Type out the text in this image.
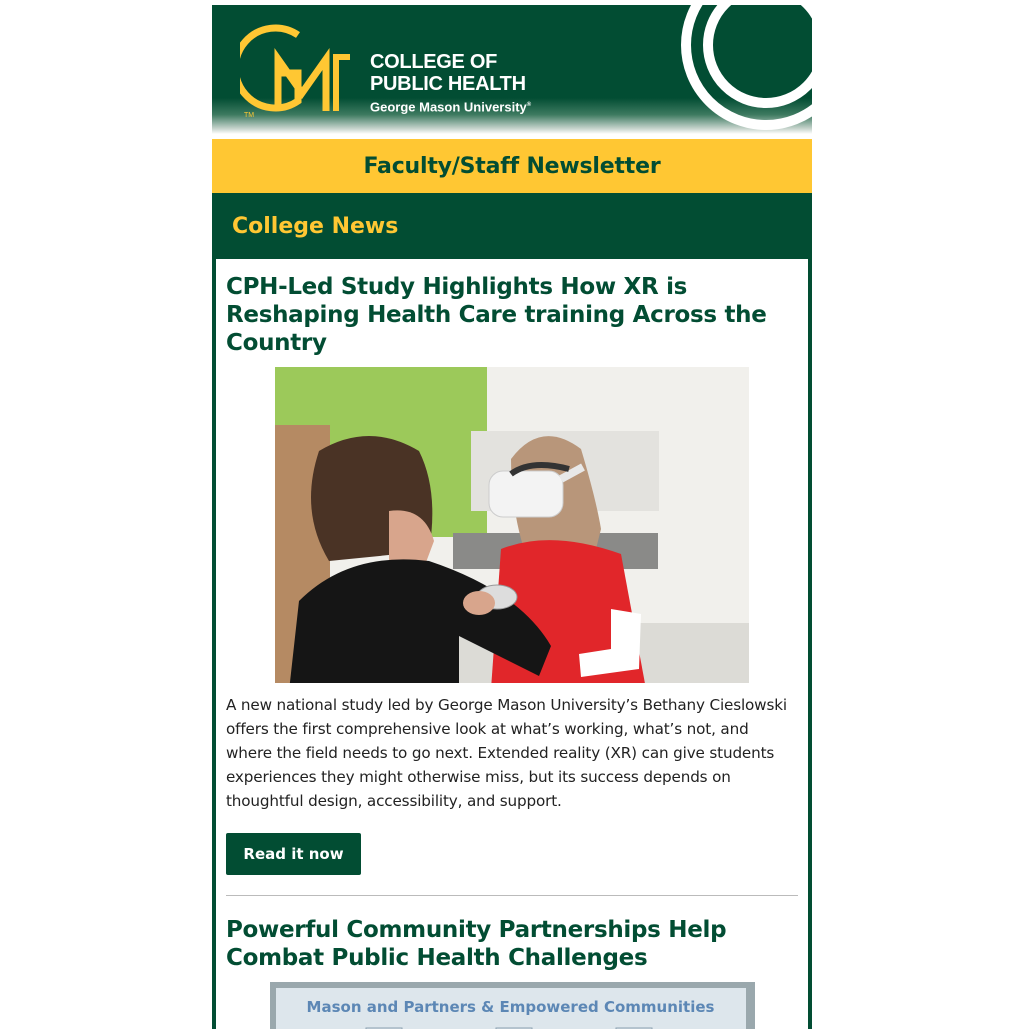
TM
COLLEGE OF
PUBLIC HEALTH
George Mason University®
Faculty/Staff Newsletter
College News
CPH-Led Study Highlights How XR is Reshaping Health Care training Across the Country
A new national study led by George Mason University’s Bethany Cieslowski offers the first comprehensive look at what’s working, what’s not, and where the field needs to go next. Extended reality (XR) can give students experiences they might otherwise miss, but its success depends on thoughtful design, accessibility, and support.
Read it now
Powerful Community Partnerships Help Combat Public Health Challenges
Mason and Partners & Empowered Communities
